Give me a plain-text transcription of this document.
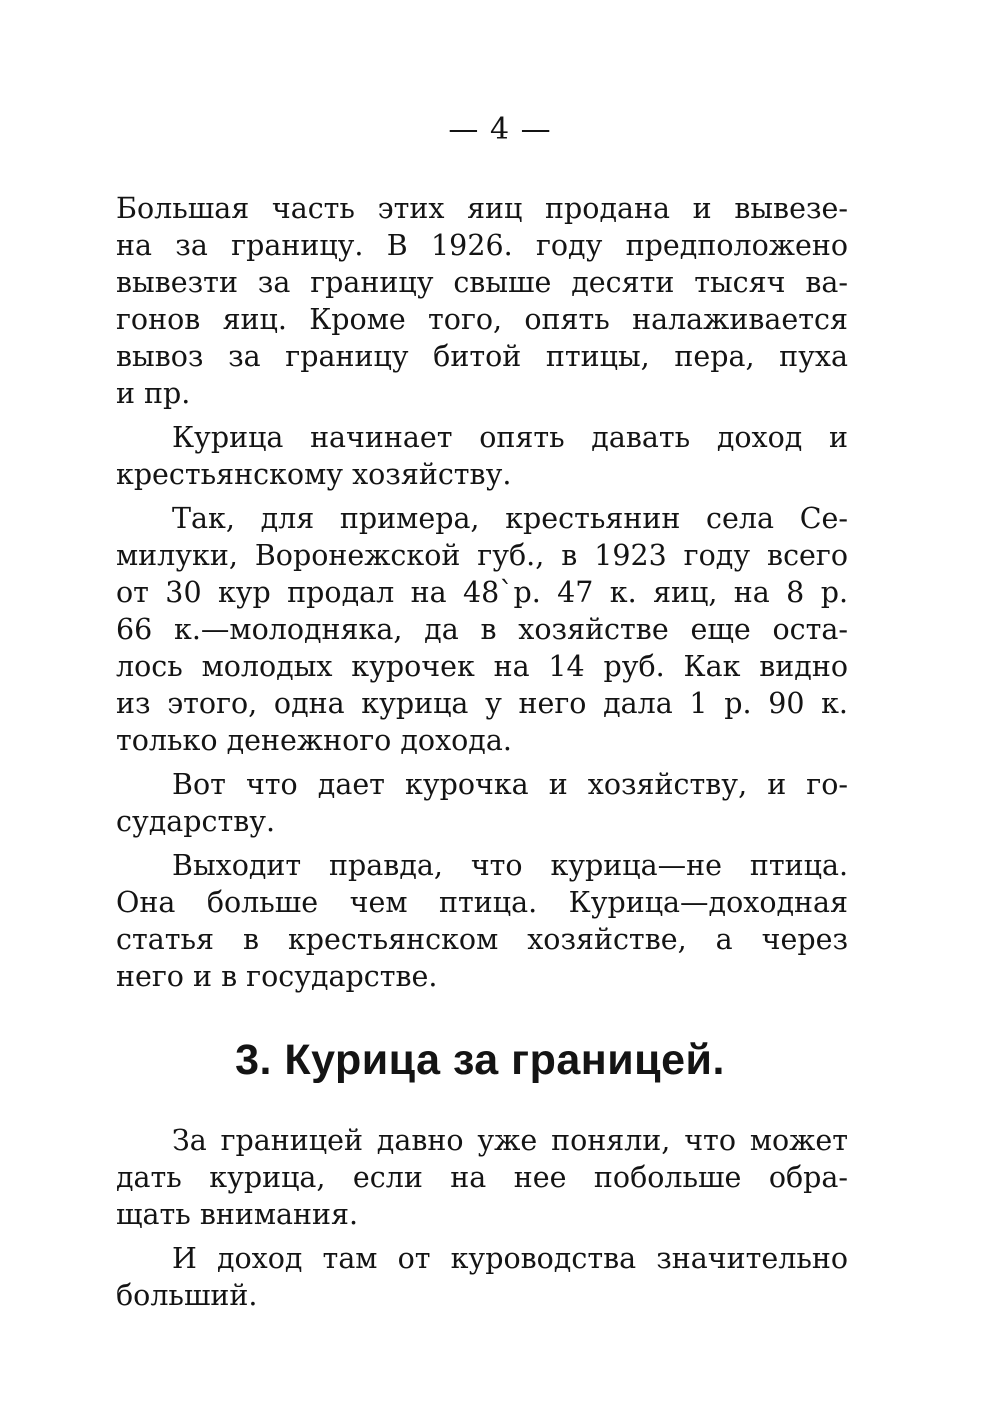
— 4 —
Большая часть этих яиц продана и вывезе-
на за границу. В 1926. году предположено
вывезти за границу свыше десяти тысяч ва-
гонов яиц. Кроме того, опять налаживается
вывоз за границу битой птицы, пера, пуха
и пр.
Курица начинает опять давать доход и
крестьянскому хозяйству.
Так, для примера, крестьянин села Се-
милуки, Воронежской губ., в 1923 году всего
от 30 кур продал на 48`р. 47 к. яиц, на 8 р.
66 к.—молодняка, да в хозяйстве еще оста-
лось молодых курочек на 14 руб. Как видно
из этого, одна курица у него дала 1 р. 90 к.
только денежного дохода.
Вот что дает курочка и хозяйству, и го-
сударству.
Выходит правда, что курица—не птица.
Она больше чем птица. Курица—доходная
статья в крестьянском хозяйстве, а через
него и в государстве.
3. Курица за границей.
За границей давно уже поняли, что может
дать курица, если на нее побольше обра-
щать внимания.
И доход там от куроводства значительно
больший.
